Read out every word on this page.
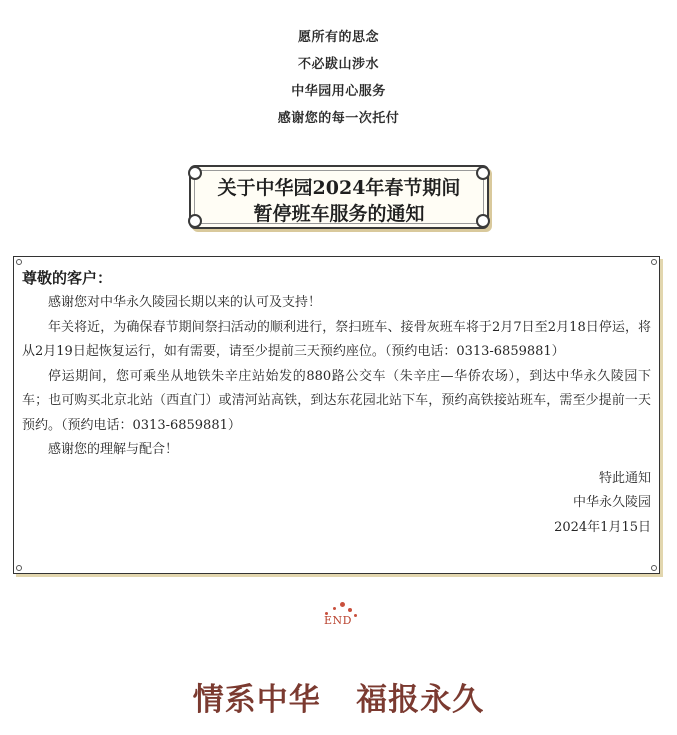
愿所有的思念
不必跋山涉水
中华园用心服务
感谢您的每一次托付
关于中华园2024年春节期间
暂停班车服务的通知
尊敬的客户：

感谢您对中华永久陵园长期以来的认可及支持！

年关将近，为确保春节期间祭扫活动的顺利进行，祭扫班车、接骨灰班车将于2月7日至2月18日停运，将从2月19日起恢复运行，如有需要，请至少提前三天预约座位。（预约电话：0313-6859881）

停运期间，您可乘坐从地铁朱辛庄站始发的880路公交车（朱辛庄—华侨农场），到达中华永久陵园下车；也可购买北京北站（西直门）或清河站高铁，到达东花园北站下车，预约高铁接站班车，需至少提前一天预约。（预约电话：0313-6859881）

感谢您的理解与配合！

特此通知

中华永久陵园

2024年1月15日

END
情系中华   福报永久
